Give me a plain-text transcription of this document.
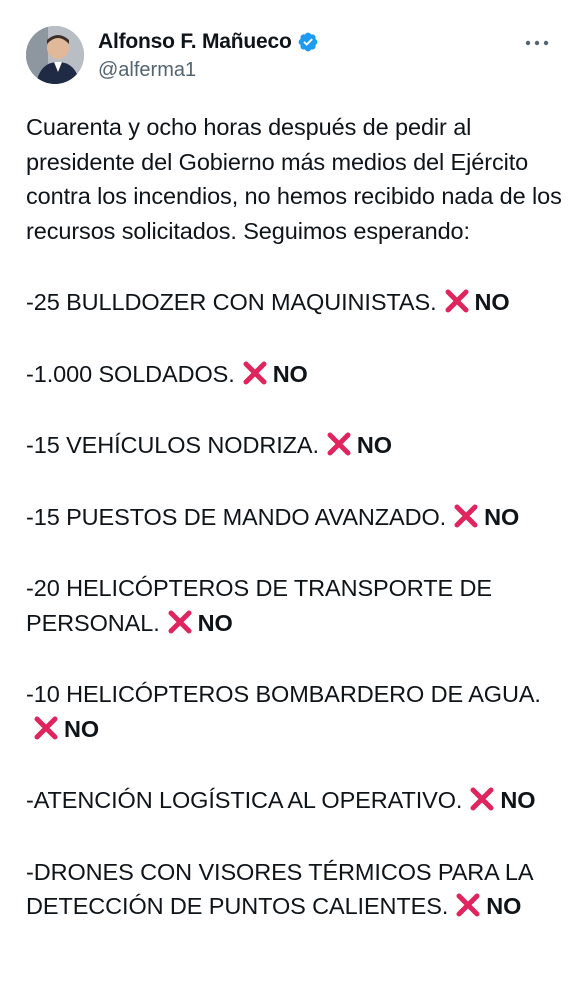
Alfonso F. Mañueco
@alferma1

Cuarenta y ocho horas después de pedir al presidente del Gobierno más medios del Ejército contra los incendios, no hemos recibido nada de los recursos solicitados. Seguimos esperando:

-25 BULLDOZER CON MAQUINISTAS. NO

-1.000 SOLDADOS. NO

-15 VEHÍCULOS NODRIZA. NO

-15 PUESTOS DE MANDO AVANZADO. NO

-20 HELICÓPTEROS DE TRANSPORTE DE PERSONAL. NO

-10 HELICÓPTEROS BOMBARDERO DE AGUA.NO

-ATENCIÓN LOGÍSTICA AL OPERATIVO. NO

-DRONES CON VISORES TÉRMICOS PARA LA DETECCIÓN DE PUNTOS CALIENTES. NO
